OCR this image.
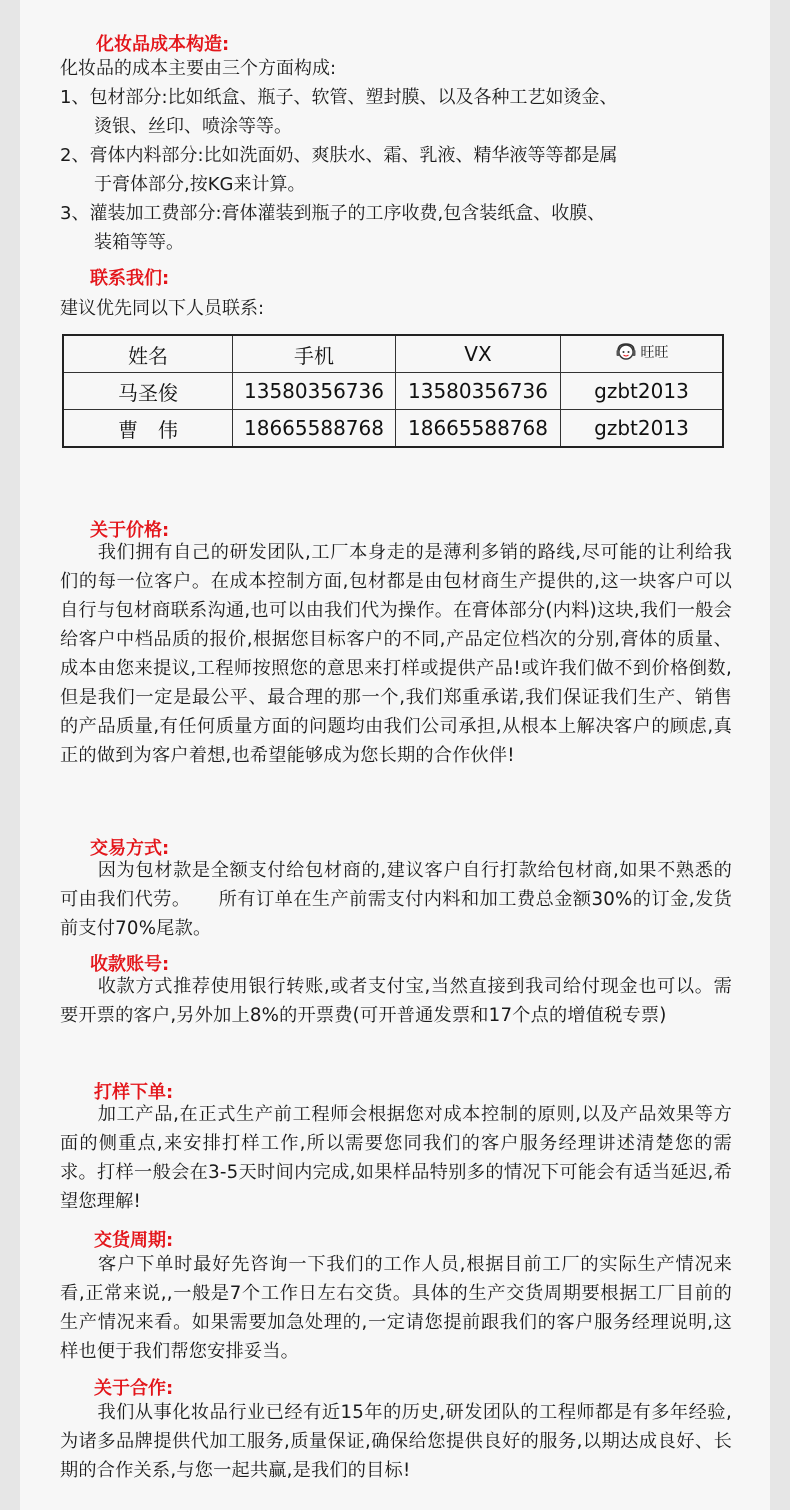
化妆品成本构造:
化妆品的成本主要由三个方面构成:
1、包材部分:比如纸盒、瓶子、软管、塑封膜、以及各种工艺如烫金、
烫银、丝印、喷涂等等。
2、膏体内料部分:比如洗面奶、爽肤水、霜、乳液、精华液等等都是属
于膏体部分,按KG来计算。
3、灌装加工费部分:膏体灌装到瓶子的工序收费,包含装纸盒、收膜、
装箱等等。
联系我们:
建议优先同以下人员联系:
姓名	手机	VX	旺旺

马圣俊	13580356736	13580356736	gzbt2013
曹　伟	18665588768	18665588768	gzbt2013
关于价格:
　　我们拥有自己的研发团队,工厂本身走的是薄利多销的路线,尽可能的让利给我们的每一位客户。在成本控制方面,包材都是由包材商生产提供的,这一块客户可以自行与包材商联系沟通,也可以由我们代为操作。在膏体部分(内料)这块,我们一般会给客户中档品质的报价,根据您目标客户的不同,产品定位档次的分别,膏体的质量、成本由您来提议,工程师按照您的意思来打样或提供产品!或许我们做不到价格倒数,但是我们一定是最公平、最合理的那一个,我们郑重承诺,我们保证我们生产、销售的产品质量,有任何质量方面的问题均由我们公司承担,从根本上解决客户的顾虑,真正的做到为客户着想,也希望能够成为您长期的合作伙伴!
交易方式:
　　因为包材款是全额支付给包材商的,建议客户自行打款给包材商,如果不熟悉的可由我们代劳。　　所有订单在生产前需支付内料和加工费总金额30%的订金,发货前支付70%尾款。
收款账号:
　　收款方式推荐使用银行转账,或者支付宝,当然直接到我司给付现金也可以。需要开票的客户,另外加上8%的开票费(可开普通发票和17个点的增值税专票)
打样下单:
　　加工产品,在正式生产前工程师会根据您对成本控制的原则,以及产品效果等方面的侧重点,来安排打样工作,所以需要您同我们的客户服务经理讲述清楚您的需求。打样一般会在3-5天时间内完成,如果样品特别多的情况下可能会有适当延迟,希望您理解!
交货周期:
　　客户下单时最好先咨询一下我们的工作人员,根据目前工厂的实际生产情况来看,正常来说,,一般是7个工作日左右交货。具体的生产交货周期要根据工厂目前的生产情况来看。如果需要加急处理的,一定请您提前跟我们的客户服务经理说明,这样也便于我们帮您安排妥当。
关于合作:
　　我们从事化妆品行业已经有近15年的历史,研发团队的工程师都是有多年经验,为诸多品牌提供代加工服务,质量保证,确保给您提供良好的服务,以期达成良好、长期的合作关系,与您一起共赢,是我们的目标!
